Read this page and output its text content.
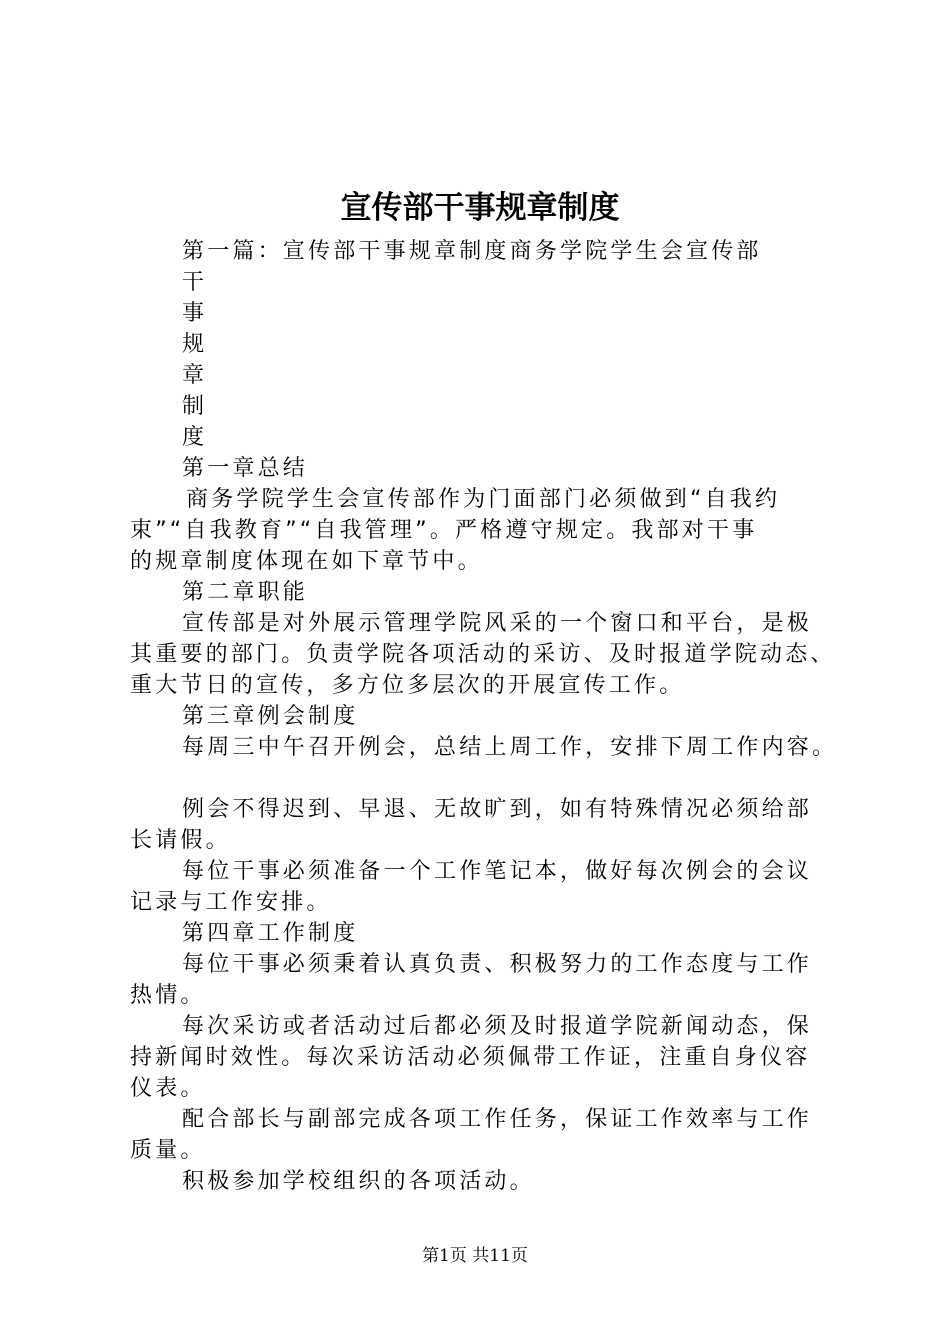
宣传部干事规章制度
第一篇：宣传部干事规章制度商务学院学生会宣传部
干
事
规
章
制
度
第一章总结
商务学院学生会宣传部作为门面部门必须做到“自我约
束”“自我教育”“自我管理”。严格遵守规定。我部对干事
的规章制度体现在如下章节中。
第二章职能
宣传部是对外展示管理学院风采的一个窗口和平台，是极
其重要的部门。负责学院各项活动的采访、及时报道学院动态、
重大节日的宣传，多方位多层次的开展宣传工作。
第三章例会制度
每周三中午召开例会，总结上周工作，安排下周工作内容。
例会不得迟到、早退、无故旷到，如有特殊情况必须给部
长请假。
每位干事必须准备一个工作笔记本，做好每次例会的会议
记录与工作安排。
第四章工作制度
每位干事必须秉着认真负责、积极努力的工作态度与工作
热情。
每次采访或者活动过后都必须及时报道学院新闻动态，保
持新闻时效性。每次采访活动必须佩带工作证，注重自身仪容
仪表。
配合部长与副部完成各项工作任务，保证工作效率与工作
质量。
积极参加学校组织的各项活动。
第1页 共11页
